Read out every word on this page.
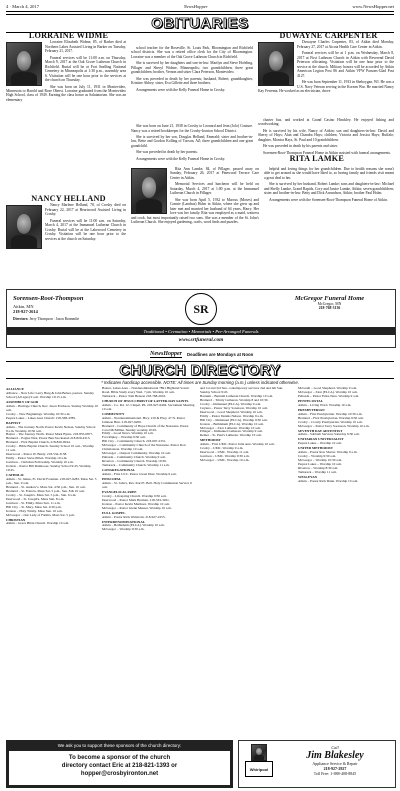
4 · March 4, 2017	NewsHopper	www.NewsHopper.net
OBITUARIES

LORRAINE WIDME

Lorraine Elizabeth Widme, 85, of Barker died at Northern Lakes Assisted Living in Barker on Tuesday, February 21, 2017.

Funeral services will be 11:00 a.m. on Thursday, March 9, 2017 at the Oak Grove Lutheran Church in Richfield. Burial will be at Fort Snelling National Cemetery in Minneapolis at 1:30 p.m., assembly area 6. Visitation will be one hour prior to the services at the church on Thursday.

She was born on July 11, 1931 in Montevideo, Minnesota to Harold and Rose Oberst. Lorraine graduated from the Montevideo High School, class of 1949. Earning the class honor as Salutatorian. She was an elementary

NANCY HELLAND

Nancy Marlene Helland, 78, of Crosby died on February 22, 2017 at Heartwood Assisted Living in Crosby.

Funeral services will be 11:00 a.m. on Saturday, March 4, 2017 at the Immanuel Lutheran Church in Crosby. Burial will be at the Lakewood Cemetery in Crosby. Visitation will be one hour prior to the services at the church on Saturday.

school teacher for the Roseville, St. Louis Park, Bloomington and Richfield school districts. She was a retired office clerk for the City of Bloomington. Lorraine was a member of the Oak Grove Lutheran Church in Richfield.

She is survived by her daughters and son-in-law: Marilyn and Steve Hofeling, Pillager and Sheryl Widme, Minneapolis; two grandchildren; three great grandchildren; brother, Vernon and sister Clara Peterson, Montevideo.

She was preceded in death by her parents; husband, Robert; granddaughter, Kristine Abbey; sister, Eva Gillette and three brothers.

Arrangements were with the Kelly Funeral Home in Crosby.

She was born on June 21, 1938 in Crosby to Leonard and Jean (Jolo) Couture. Nancy was a retired bookkeeper for the Crosby-Ironton School District.

She is survived by her son, Douglas Helland, Emerald; sister and brother-in-law, Bette and Gordon Kolling of Tucson, AZ; three grandchildren and one great grandchild.

She was preceded in death by her parents.

Arrangements were with the Kelly Funeral Home in Crosby.

DUWAYNE CARPENTER

Duwayne Charles Carpenter, 83, of Aitkin died Monday, February 27, 2017 at Aicota Health Care Center in Aitkin.

Funeral services will be at 1 p.m. on Wednesday, March 8, 2017 at First Lutheran Church in Aitkin with Reverend David Peterson officiating. Visitation will be one hour prior to the service at the church. Military honors will be accorded by Aitkin American Legion Post 86 and Aitkin VFW Parsons-Glad Post 4127.

He was born September 11, 1933 in Sheboygan, WI. He was a U.S. Navy Veteran serving in the Korean War. He married Nancy Kay Ferrema. He worked as an electrician, drove

charter bus, and worked at Grand Casino Hinckley. He enjoyed fishing and woodworking.

He is survived by his wife, Nancy of Aitkin; son and daughters-in-law: David and Sherry of Hays; Alan and Chandra Hays; children; Victoria and Jessica Hays; Buffalo; daughter, Monica Hays, St. Paul and 10 grandchildren.

He was preceded in death by his parents and sister.

Sorensen-Root-Thompson Funeral Home in Aitkin assisted with funeral arrangements.

RITA LAMKE

Rita Ann Lamke, 84, of Pillager, passed away on Sunday, February 26, 2017 at Pinewood Terrace Care Center in Aitkin.

Memorial Services and luncheon will be held on Saturday, March 4, 2017 at 1:00 p.m. at the Immanuel Lutheran Church in Pillager.

She was born April 5, 1932 to Marcus (Moses) and Connie (Landrus) Holm in Aitkin, where she grew up and later met and married her husband of 64 years, Harry. Her love was her family. Rita was employed as a maid, waitress and cook, but most importantly raised two sons. She was a member of the St. John's Lutheran Church. She enjoyed gardening, crafts, word finds and puzzles.

helpful and loving things for her grandchildren. Due to health reasons she wasn't able to get around as she would have liked to, so having family and friends visit meant a great deal to her.

She is survived by her husband, Robert Lamke; sons and daughters-in-law: Michael and Shelly Lamke, Grand Rapids, Cory and Janice Lamke, Aitkin; seven grandchildren; sister and brother-in-law: Betty and Dick Arrundson, Aitkin; brother Paul Holm.

Arrangements were with the Sorensen-Root-Thompson Funeral Home of Aitkin.

Sorensen-Root-Thompson
Aitkin, MN
218-927-2614
Directors: Jerry Thompson · Jason Brammlie
SR
McGregor Funeral Home
McGregor, MN
218-768-3136
Traditional • Cremation • Memorials • Pre-Arranged Funerals
www.srtfuneral.com
NewsHopper Deadlines are Mondays at Noon
CHURCH DIRECTORY
* Indicates handicap accessible. NOTE: All times are Sunday morning (a.m.) unless indicated otherwise.
ALLIANCE
Alliance – New Life: Larry Burg & John Belser, pastors. Sunday School (All ages) 9 a.m. Worship 10:15 a.m.
ASSEMBLY OF GOD
Aitkin – Heritage Church, Rev. Jason Erickson. Sunday Worship 10 a.m.
Crosby – New Beginnings. Worship 10:30 a.m.
Pequot Lakes – Lakes Area Church: 218-568-4789.
BAPTIST
Aitkin – The Journey North, Pastor Kevin Nelson. Sunday School 9 a.m. Worship 10:30 a.m.
Baxter – The Journey North. Pastor Mark Byrns. 218-855-0877.
Brainerd – Eagles Nest, Pastor Ben Stockstead 218-829-4313.
Brainerd – First Baptist Church, 218-829-0044.
Crosby – Bible Baptist Church. Sunday School 10 a.m., Worship 11 a.m.
Deerwood – Pastor W. Benty. 218-534-3158.
Emily – Pastor Steve Pillen. Worship 10 a.m.
Garrison – Christian Fellowship. Worship 10 a.m.
Ironton – Pastor Bill Dumroese. Sunday School 9:45, Worship 10:45.
CATHOLIC
Aitkin – St. James, Fr. David Forsman. 218-927-6283. Mass Sat. 5 p.m., Sun. 9 a.m.
Brainerd – St. Andrew's. Mass Sat. 4:30 p.m., Sun. 10 a.m.
Brainerd – St. Francis. Mass Sat. 5 p.m., Sun. 8 & 10 a.m.
Crosby – St. Joseph's. Mass Sat. 5 p.m., Sun. 9 a.m.
Deerwood – St. Joseph's. Mass Sun. 8 a.m.
Garrison – St. Emily. Mass Sun. 11 a.m.
Hill City – St. Mary. Mass Sat. 4:30 p.m.
Ironton – Holy Trinity. Mass Sun. 10 a.m.
McGregor – Our Lady of Fatima. Mass Sat. 5 p.m.
CHRISTIAN
Aitkin – Grace Bible Church. Worship 10 a.m.
Baxter, Lakes Area – Nondenominational 7891 Highland Scenic Road. Bible Study every Wed. 7 pm. Worship 10 a.m.
Tamarack – Pastor Tom Benson 218-768-2616.
CHURCH OF JESUS CHRIST OF LATTER-DAY SAINTS
Aitkin – Co. Rd. 12, Chapel. Ph. 218-927-6404. Sacrament Meeting 10 a.m.
COMMUNITY
Aitkin – Nondenominational. Hwy. 210 & Hwy. 47 N. Pastor Jamison Burr. 218-927-6200.
Brainerd – Community of Hope Church of the Nazarene. Pastor Carol McMillan. Sunday worship 10:45.
Emily – Good News. Worship 10 a.m.
Fort Ripley – Worship 9:30 a.m.
Hill City – Community Church. 218-697-2331.
McGregor – Community Church of the Nazarene. Pastor Ron Christianson. Worship 10 a.m.
McGregor – Outpost Community. Worship 10 a.m.
Palisade – Community Church. Worship 9 a.m.
Riverton – Community Church. Worship 10:30.
Tamarack – Community Church. Worship 11 a.m.
CONGREGATIONAL
Aitkin – First UCC. Pastor Gwen Diaz. Worship 9 a.m.
EPISCOPAL
Aitkin – St. John's, Rev. Karl E. Bell. Holy Communion Service 9 a.m.
EVANGELICAL FREE
Crosby – Lifespring Church. Worship 9:30 a.m.
Deerwood – Pastor Mark Herman. 218-534-3261.
Ironton – Pastor Kevin Martinez. Worship 10 a.m.
McGregor – Pastor Glenn Musser. Worship 10 a.m.
FULL GOSPEL
Aitkin – Pastor Rick Walstrom. 218-927-2255.
INTERDENOMINATIONAL
Aitkin – Bethlehem (ELCA). Worship 10 a.m.
McGregor – Worship 9:30 a.m.
and 1st and 3rd Sun. contemporary services 2nd and 4th Sun. Sunday School 9:45.
Barnum – Barnum Lutheran Church. Worship 10 a.m.
Brainerd – Trinity Lutheran. Worship 8 and 10:30.
Crosby – Immanuel (ELCA). Worship 9 a.m.
Cuyuna – Pastor Terry Sorenson. Worship 10 a.m.
Deerwood – Good Shepherd. Worship 10 a.m.
Emily – Pastor Dennis Nelson. Worship 9 a.m.
Hill City – Immanuel (ELCA). Worship 9:30 a.m.
Ironton – Bethlehem (ELCA). Worship 10 a.m.
McGregor – Zion Lutheran. Worship 10 a.m.
Pillager – Immanuel Lutheran. Worship 9 a.m.
Remer – St. Paul's Lutheran. Worship 10 a.m.
METHODIST
Aitkin – First UMC. Pastor Julie Ann. Worship 10 a.m.
Crosby – UMC. Worship 9 a.m.
Deerwood – UMC. Worship 11 a.m.
Garrison – UMC. Worship 9:30 a.m.
McGregor – UMC. Worship 10 a.m.
McGrath – Good Shepherd. Worship 9 a.m.
McGregor – Zion (ELCA). Worship 10 a.m.
Palisade – Pastor Erika Ness. Worship 9 a.m.
PENTECOSTAL
Aitkin – Living Word. Worship 10 a.m.
PRESBYTERIAN
Aitkin – First Presbyterian. Worship 10:30 a.m.
Brainerd – First Presbyterian. Worship 9:30 a.m.
Crosby – Crosby Presbyterian. Worship 10 a.m.
McGregor – Pastor Terry Sorenson. Worship 10 a.m.
SEVENTH DAY ADVENTIST
Aitkin – Sabbath Services Saturday 9:30 a.m.
UNITARIAN UNIVERSALIST
Pequot Lakes – Worship 10 a.m.
UNITED METHODIST
Aitkin – Pastor Ron Shaver. Worship 9 a.m.
Crosby – Worship 9:30 a.m.
McGregor – Worship 10:30 a.m.
Pequot Lakes – Worship 10 a.m.
Riverton – Worship 8:30 a.m.
Tamarack – Worship 11 a.m.
WESLEYAN
Aitkin – Pastor Rick Dunn. Worship 10 a.m.
We ask you to support these sponsors of the church directory:
To become a sponsor of the church
directory contact Eric at 218-821-1393 or
hopper@crosbyironton.net
Whirlpool
Call
Jim Blakesley
Appliance Service & Repair
218-927-2927
Toll Free: 1-888-408-8845
